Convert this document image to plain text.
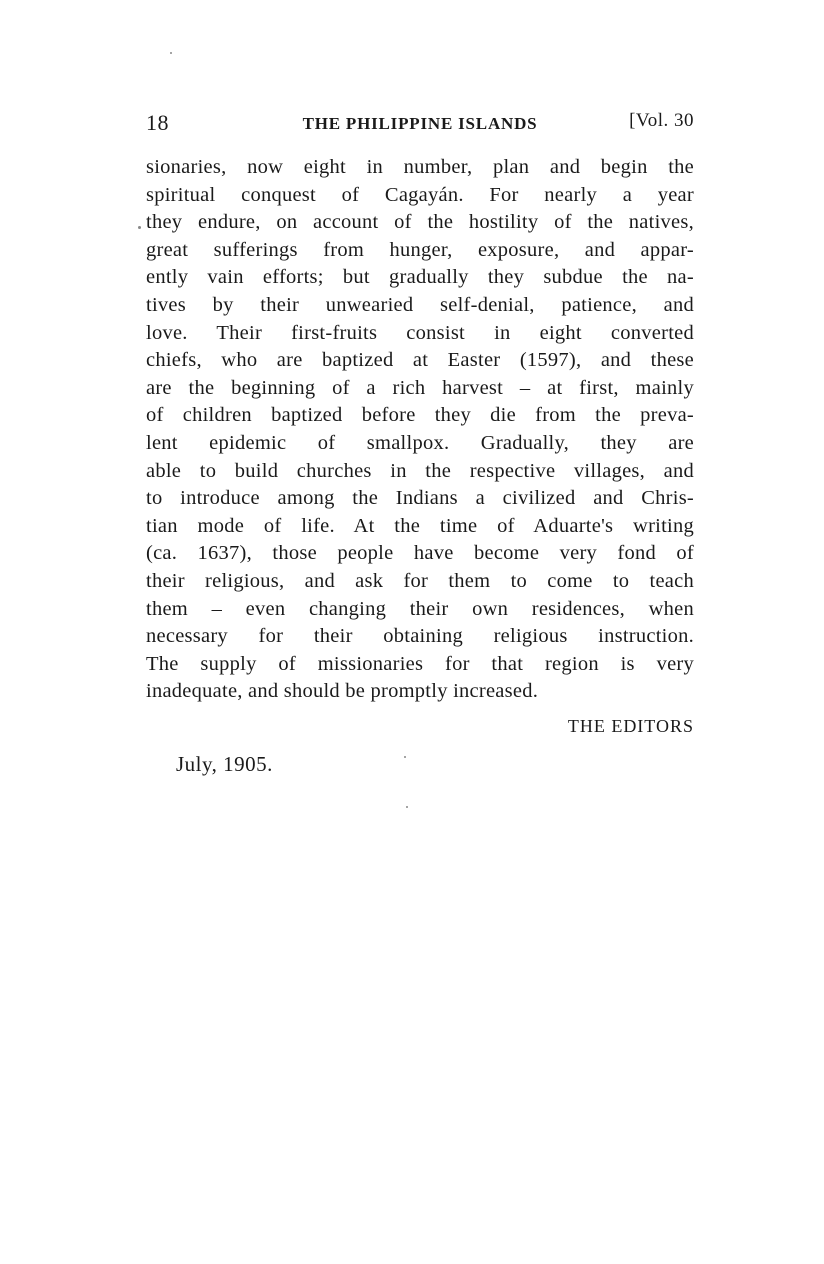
18	THE PHILIPPINE ISLANDS	[Vol. 30
sionaries, now eight in number, plan and begin the
spiritual conquest of Cagayán. For nearly a year
they endure, on account of the hostility of the natives,
great sufferings from hunger, exposure, and appar-
ently vain efforts; but gradually they subdue the na-
tives by their unwearied self-denial, patience, and
love. Their first-fruits consist in eight converted
chiefs, who are baptized at Easter (1597), and these
are the beginning of a rich harvest – at first, mainly
of children baptized before they die from the preva-
lent epidemic of smallpox. Gradually, they are
able to build churches in the respective villages, and
to introduce among the Indians a civilized and Chris-
tian mode of life. At the time of Aduarte's writing
(ca. 1637), those people have become very fond of
their religious, and ask for them to come to teach
them – even changing their own residences, when
necessary for their obtaining religious instruction.
The supply of missionaries for that region is very
inadequate, and should be promptly increased.
THE EDITORS
July, 1905.
